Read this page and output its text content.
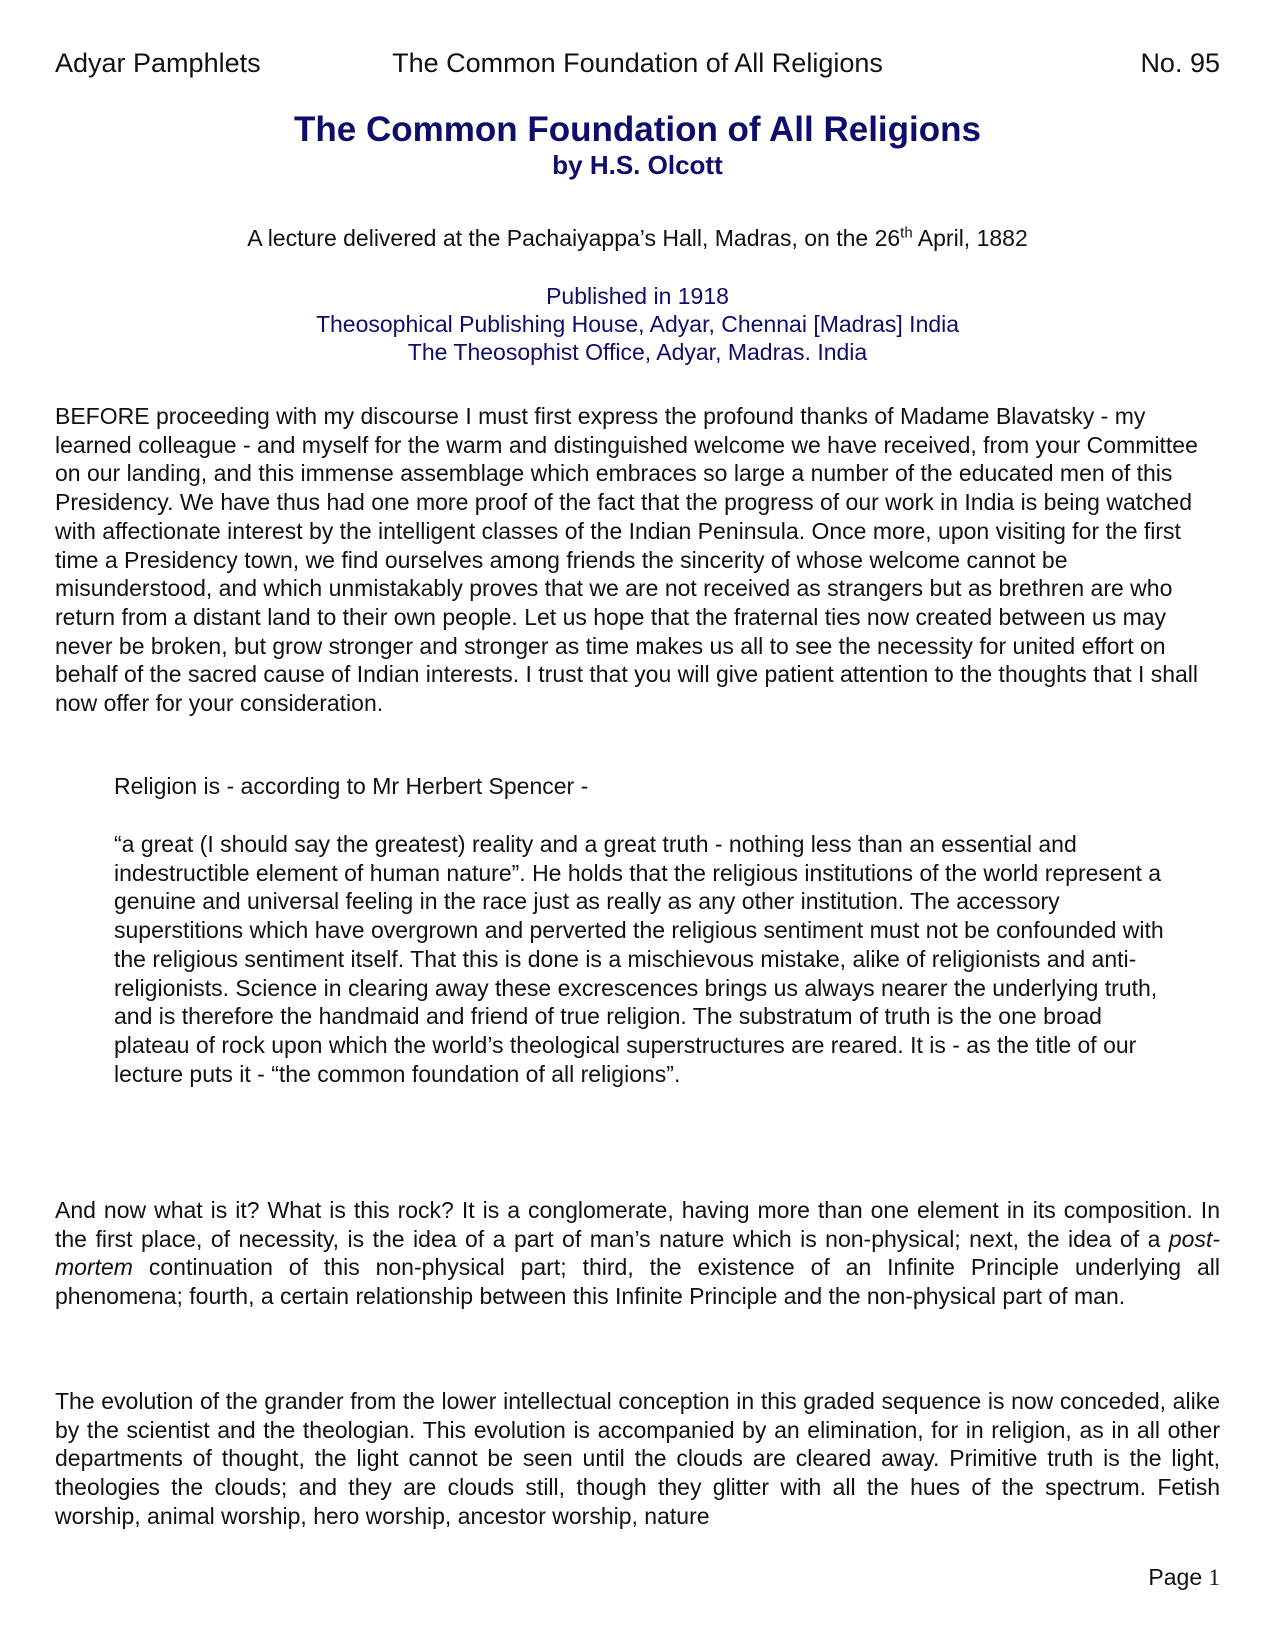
Adyar Pamphlets	The Common Foundation of All Religions	No. 95
The Common Foundation of All Religions
by H.S. Olcott
A lecture delivered at the Pachaiyappa’s Hall, Madras, on the 26th April, 1882
Published in 1918
Theosophical Publishing House, Adyar, Chennai [Madras] India
The Theosophist Office, Adyar, Madras. India

BEFORE proceeding with my discourse I must first express the profound thanks of Madame Blavatsky - my learned colleague - and myself for the warm and distinguished welcome we have received, from your Committee on our landing, and this immense assemblage which embraces so large a number of the educated men of this Presidency. We have thus had one more proof of the fact that the progress of our work in India is being watched with affectionate interest by the intelligent classes of the Indian Peninsula. Once more, upon visiting for the first time a Presidency town, we find ourselves among friends the sincerity of whose welcome cannot be misunderstood, and which unmistakably proves that we are not received as strangers but as brethren are who return from a distant land to their own people. Let us hope that the fraternal ties now created between us may never be broken, but grow stronger and stronger as time makes us all to see the necessity for united effort on behalf of the sacred cause of Indian interests. I trust that you will give patient attention to the thoughts that I shall now offer for your consideration.

Religion is - according to Mr Herbert Spencer -

“a great (I should say the greatest) reality and a great truth - nothing less than an essential and indestructible element of human nature”. He holds that the religious institutions of the world represent a genuine and universal feeling in the race just as really as any other institution. The accessory superstitions which have overgrown and perverted the religious sentiment must not be confounded with the religious sentiment itself. That this is done is a mischievous mistake, alike of religionists and anti-religionists. Science in clearing away these excrescences brings us always nearer the underlying truth, and is therefore the handmaid and friend of true religion. The substratum of truth is the one broad plateau of rock upon which the world’s theological superstructures are reared. It is - as the title of our lecture puts it - “the common foundation of all religions”.

And now what is it? What is this rock? It is a conglomerate, having more than one element in its composition. In the first place, of necessity, is the idea of a part of man’s nature which is non-physical; next, the idea of a post-mortem continuation of this non-physical part; third, the existence of an Infinite Principle underlying all phenomena; fourth, a certain relationship between this Infinite Principle and the non-physical part of man.

The evolution of the grander from the lower intellectual conception in this graded sequence is now conceded, alike by the scientist and the theologian. This evolution is accompanied by an elimination, for in religion, as in all other departments of thought, the light cannot be seen until the clouds are cleared away. Primitive truth is the light, theologies the clouds; and they are clouds still, though they glitter with all the hues of the spectrum. Fetish worship, animal worship, hero worship, ancestor worship, nature

Page 1
